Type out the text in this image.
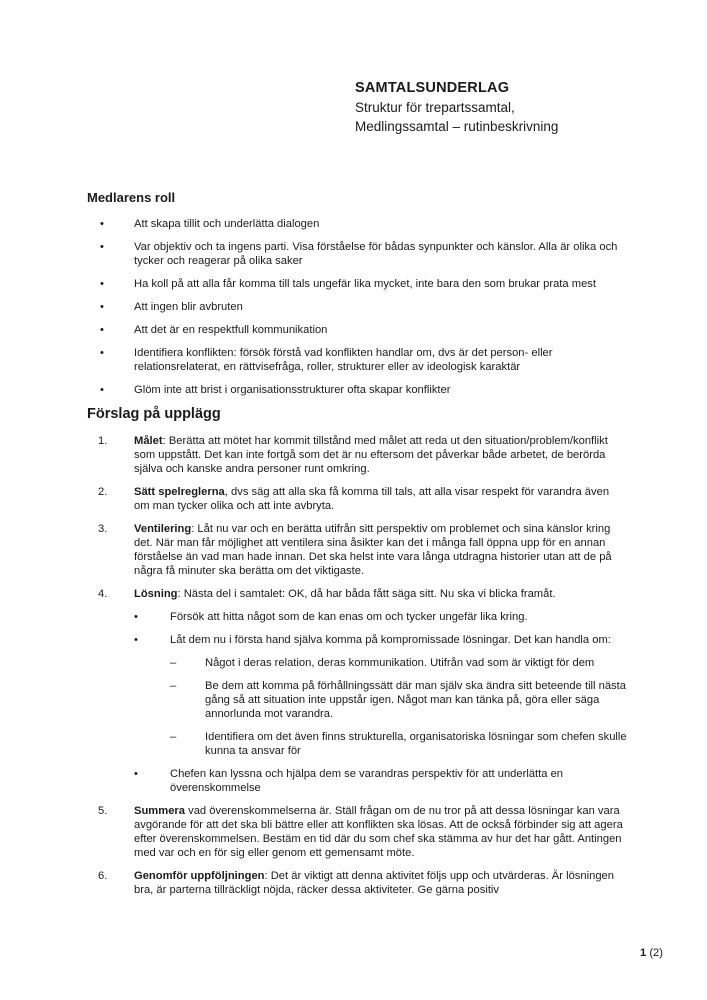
SAMTALSUNDERLAG
Struktur för trepartssamtal,
Medlingssamtal – rutinbeskrivning
Medlarens roll
•	Att skapa tillit och underlätta dialogen
•	Var objektiv och ta ingens parti. Visa förståelse för bådas synpunkter och känslor. Alla är olika och tycker och reagerar på olika saker
•	Ha koll på att alla får komma till tals ungefär lika mycket, inte bara den som brukar prata mest
•	Att ingen blir avbruten
•	Att det är en respektfull kommunikation
•	Identifiera konflikten: försök förstå vad konflikten handlar om, dvs är det person- eller relationsrelaterat, en rättvisefråga, roller, strukturer eller av ideologisk karaktär
•	Glöm inte att brist i organisationsstrukturer ofta skapar konflikter
Förslag på upplägg
1. Målet: Berätta att mötet har kommit tillstånd med målet att reda ut den situation/problem/konflikt som uppstått. Det kan inte fortgå som det är nu eftersom det påverkar både arbetet, de berörda själva och kanske andra personer runt omkring.
2. Sätt spelreglerna, dvs säg att alla ska få komma till tals, att alla visar respekt för varandra även om man tycker olika och att inte avbryta.
3. Ventilering: Låt nu var och en berätta utifrån sitt perspektiv om problemet och sina känslor kring det. När man får möjlighet att ventilera sina åsikter kan det i många fall öppna upp för en annan förståelse än vad man hade innan. Det ska helst inte vara långa utdragna historier utan att de på några få minuter ska berätta om det viktigaste.
4. Lösning: Nästa del i samtalet: OK, då har båda fått säga sitt. Nu ska vi blicka framåt.
•	Försök att hitta något som de kan enas om och tycker ungefär lika kring.
•	Låt dem nu i första hand själva komma på kompromissade lösningar. Det kan handla om:
–	Något i deras relation, deras kommunikation. Utifrån vad som är viktigt för dem
–	Be dem att komma på förhållningssätt där man själv ska ändra sitt beteende till nästa gång så att situation inte uppstår igen. Något man kan tänka på, göra eller säga annorlunda mot varandra.
–	Identifiera om det även finns strukturella, organisatoriska lösningar som chefen skulle kunna ta ansvar för
•	Chefen kan lyssna och hjälpa dem se varandras perspektiv för att underlätta en överenskommelse
5. Summera vad överenskommelserna är. Ställ frågan om de nu tror på att dessa lösningar kan vara avgörande för att det ska bli bättre eller att konflikten ska lösas. Att de också förbinder sig att agera efter överenskommelsen. Bestäm en tid där du som chef ska stämma av hur det har gått. Antingen med var och en för sig eller genom ett gemensamt möte.
6. Genomför uppföljningen: Det är viktigt att denna aktivitet följs upp och utvärderas. Är lösningen bra, är parterna tillräckligt nöjda, räcker dessa aktiviteter. Ge gärna positiv
1 (2)
